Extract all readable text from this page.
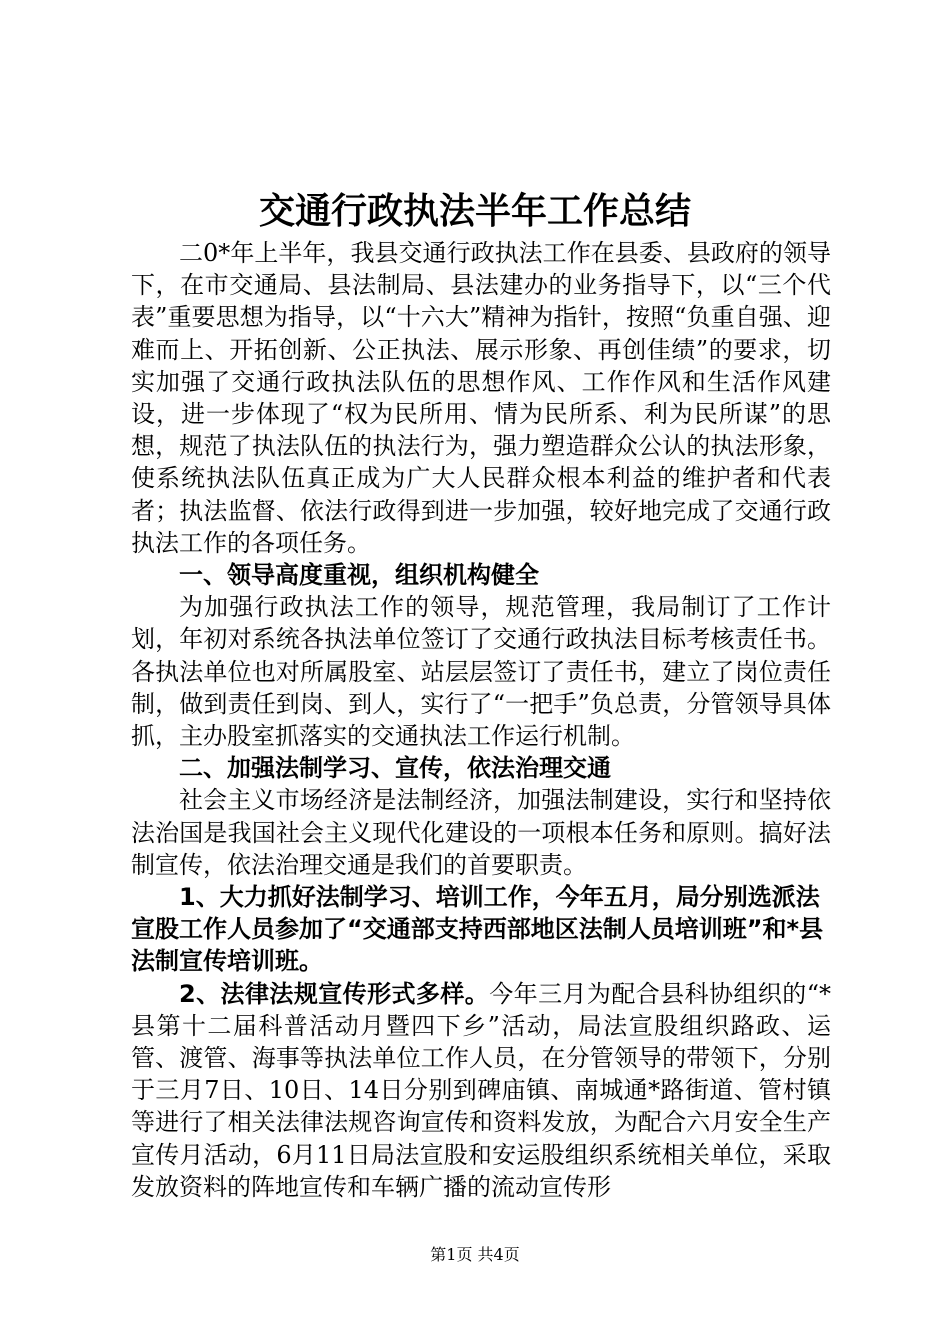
交通行政执法半年工作总结

二0*年上半年，我县交通行政执法工作在县委、县政府的领导下，在市交通局、县法制局、县法建办的业务指导下，以“三个代表”重要思想为指导，以“十六大”精神为指针，按照“负重自强、迎难而上、开拓创新、公正执法、展示形象、再创佳绩”的要求，切实加强了交通行政执法队伍的思想作风、工作作风和生活作风建设，进一步体现了“权为民所用、情为民所系、利为民所谋”的思想，规范了执法队伍的执法行为，强力塑造群众公认的执法形象，使系统执法队伍真正成为广大人民群众根本利益的维护者和代表者；执法监督、依法行政得到进一步加强，较好地完成了交通行政执法工作的各项任务。

一、领导高度重视，组织机构健全

为加强行政执法工作的领导，规范管理，我局制订了工作计划，年初对系统各执法单位签订了交通行政执法目标考核责任书。各执法单位也对所属股室、站层层签订了责任书，建立了岗位责任制，做到责任到岗、到人，实行了“一把手”负总责，分管领导具体抓，主办股室抓落实的交通执法工作运行机制。

二、加强法制学习、宣传，依法治理交通

社会主义市场经济是法制经济，加强法制建设，实行和坚持依法治国是我国社会主义现代化建设的一项根本任务和原则。搞好法制宣传，依法治理交通是我们的首要职责。

1、大力抓好法制学习、培训工作，今年五月，局分别选派法宣股工作人员参加了“交通部支持西部地区法制人员培训班”和*县法制宣传培训班。

2、法律法规宣传形式多样。今年三月为配合县科协组织的“*县第十二届科普活动月暨四下乡”活动，局法宣股组织路政、运管、渡管、海事等执法单位工作人员，在分管领导的带领下，分别于三月7日、10日、14日分别到碑庙镇、南城通*路街道、管村镇等进行了相关法律法规咨询宣传和资料发放，为配合六月安全生产宣传月活动，6月11日局法宣股和安运股组织系统相关单位，采取发放资料的阵地宣传和车辆广播的流动宣传形

第1页 共4页
